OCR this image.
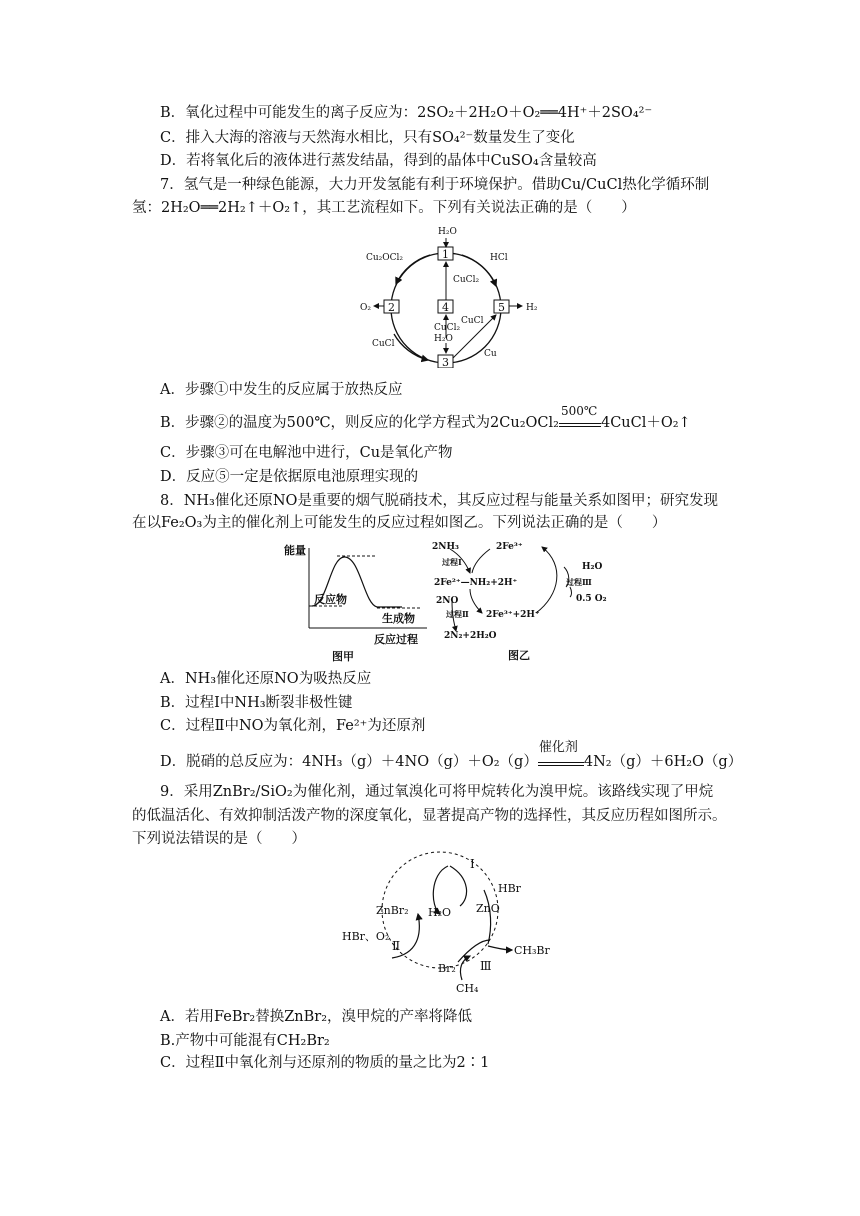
B．氧化过程中可能发生的离子反应为：2SO₂＋2H₂O＋O₂══4H⁺＋2SO₄²⁻
C．排入大海的溶液与天然海水相比，只有SO₄²⁻数量发生了变化
D．若将氧化后的液体进行蒸发结晶，得到的晶体中CuSO₄含量较高
7．氢气是一种绿色能源，大力开发氢能有利于环境保护。借助Cu/CuCl热化学循环制
氢：2H₂O══2H₂↑＋O₂↑，其工艺流程如下。下列有关说法正确的是（　　）
1
2
3
4	5
H₂O
Cu₂OCl₂	HCl
CuCl₂
O₂	H₂
CuCl₂
H₂O
CuCl
CuCl
Cu
A．步骤①中发生的反应属于放热反应
B．步骤②的温度为500℃，则反应的化学方程式为2Cu₂OCl₂
500℃
4CuCl＋O₂↑
C．步骤③可在电解池中进行，Cu是氧化产物
D．反应⑤一定是依据原电池原理实现的
8．NH₃催化还原NO是重要的烟气脱硝技术，其反应过程与能量关系如图甲；研究发现
在以Fe₂O₃为主的催化剂上可能发生的反应过程如图乙。下列说法正确的是（　　）
能量
反应物
生成物
反应过程
图甲
2NH₃	2Fe³⁺
过程Ⅰ
2Fe²⁺—NH₂+2H⁺
2NO
过程Ⅱ 2Fe³⁺+2H⁺
2N₂+2H₂O
H₂O
过程Ⅲ
0.5 O₂
图乙
A．NH₃催化还原NO为吸热反应
B．过程Ⅰ中NH₃断裂非极性键
C．过程Ⅱ中NO为氧化剂，Fe²⁺为还原剂
D．脱硝的总反应为：4NH₃（g）＋4NO（g）＋O₂（g）
催化剂
4N₂（g）＋6H₂O（g）
9．采用ZnBr₂/SiO₂为催化剂，通过氧溴化可将甲烷转化为溴甲烷。该路线实现了甲烷
的低温活化、有效抑制活泼产物的深度氧化，显著提高产物的选择性，其反应历程如图所示。
下列说法错误的是（　　）
Ⅰ
Ⅱ
Ⅲ
ZnBr₂ H₂O ZnO
HBr
HBr、O₂
CH₃Br
Br₂
CH₄
A．若用FeBr₂替换ZnBr₂，溴甲烷的产率将降低
B.产物中可能混有CH₂Br₂
C．过程Ⅱ中氧化剂与还原剂的物质的量之比为2∶1
